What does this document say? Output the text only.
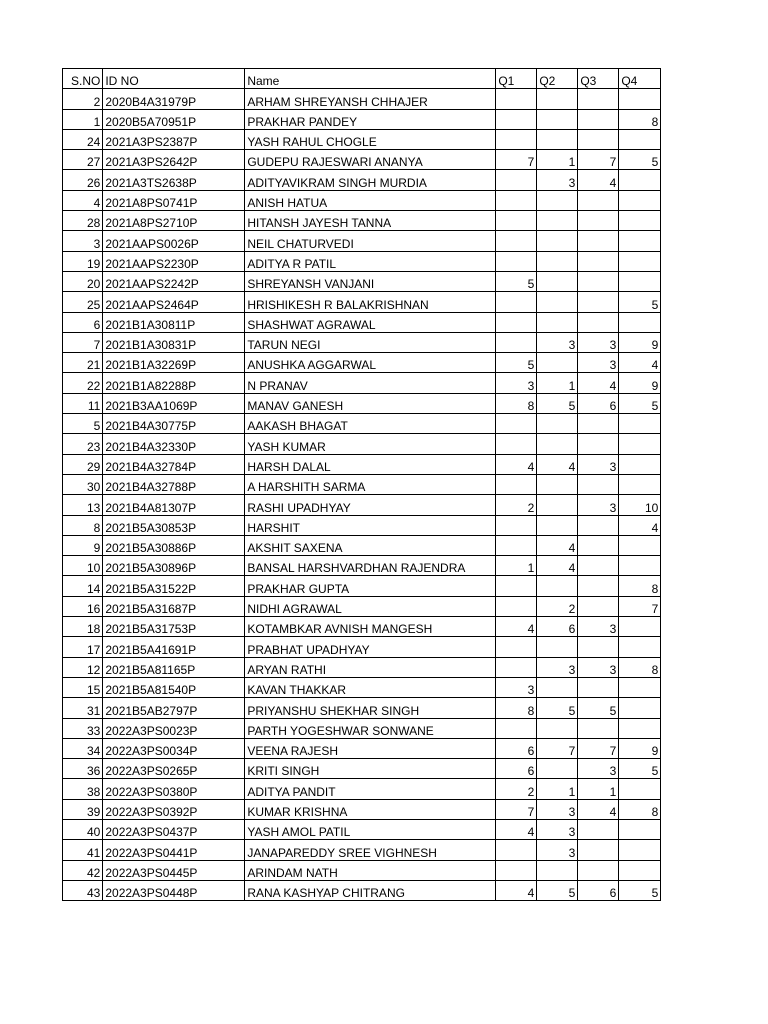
S.NO	ID NO	Name	Q1	Q2	Q3	Q4
2	2020B4A31979P	ARHAM SHREYANSH CHHAJER				
1	2020B5A70951P	PRAKHAR PANDEY				8
24	2021A3PS2387P	YASH RAHUL CHOGLE				
27	2021A3PS2642P	GUDEPU RAJESWARI ANANYA	7	1	7	5
26	2021A3TS2638P	ADITYAVIKRAM SINGH MURDIA		3	4	
4	2021A8PS0741P	ANISH HATUA				
28	2021A8PS2710P	HITANSH JAYESH TANNA				
3	2021AAPS0026P	NEIL CHATURVEDI				
19	2021AAPS2230P	ADITYA R PATIL				
20	2021AAPS2242P	SHREYANSH VANJANI	5			
25	2021AAPS2464P	HRISHIKESH R BALAKRISHNAN				5
6	2021B1A30811P	SHASHWAT AGRAWAL				
7	2021B1A30831P	TARUN NEGI		3	3	9
21	2021B1A32269P	ANUSHKA AGGARWAL	5		3	4
22	2021B1A82288P	N PRANAV	3	1	4	9
11	2021B3AA1069P	MANAV GANESH	8	5	6	5
5	2021B4A30775P	AAKASH BHAGAT				
23	2021B4A32330P	YASH KUMAR				
29	2021B4A32784P	HARSH DALAL	4	4	3	
30	2021B4A32788P	A HARSHITH SARMA				
13	2021B4A81307P	RASHI UPADHYAY	2		3	10
8	2021B5A30853P	HARSHIT				4
9	2021B5A30886P	AKSHIT SAXENA		4		
10	2021B5A30896P	BANSAL HARSHVARDHAN RAJENDRA	1	4		
14	2021B5A31522P	PRAKHAR GUPTA				8
16	2021B5A31687P	NIDHI AGRAWAL		2		7
18	2021B5A31753P	KOTAMBKAR AVNISH MANGESH	4	6	3	
17	2021B5A41691P	PRABHAT UPADHYAY				
12	2021B5A81165P	ARYAN RATHI		3	3	8
15	2021B5A81540P	KAVAN THAKKAR	3			
31	2021B5AB2797P	PRIYANSHU SHEKHAR SINGH	8	5	5	
33	2022A3PS0023P	PARTH YOGESHWAR SONWANE				
34	2022A3PS0034P	VEENA RAJESH	6	7	7	9
36	2022A3PS0265P	KRITI SINGH	6		3	5
38	2022A3PS0380P	ADITYA PANDIT	2	1	1	
39	2022A3PS0392P	KUMAR KRISHNA	7	3	4	8
40	2022A3PS0437P	YASH AMOL PATIL	4	3		
41	2022A3PS0441P	JANAPAREDDY SREE VIGHNESH		3		
42	2022A3PS0445P	ARINDAM NATH				
43	2022A3PS0448P	RANA KASHYAP CHITRANG	4	5	6	5
